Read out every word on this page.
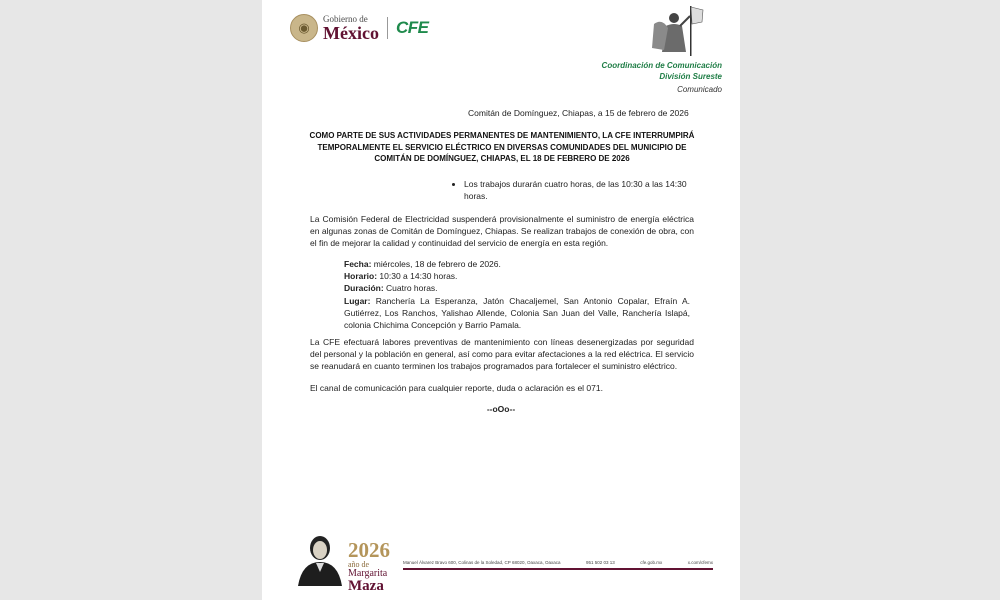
◉
Gobierno de
México CFE
Coordinación de Comunicación
División Sureste
Comunicado
Comitán de Domínguez, Chiapas, a 15 de febrero de 2026
COMO PARTE DE SUS ACTIVIDADES PERMANENTES DE MANTENIMIENTO, LA CFE INTERRUMPIRÁ TEMPORALMENTE EL SERVICIO ELÉCTRICO EN DIVERSAS COMUNIDADES DEL MUNICIPIO DE COMITÁN DE DOMÍNGUEZ, CHIAPAS, EL 18 DE FEBRERO DE 2026
• Los trabajos durarán cuatro horas, de las 10:30 a las 14:30 horas.
La Comisión Federal de Electricidad suspenderá provisionalmente el suministro de energía eléctrica en algunas zonas de Comitán de Domínguez, Chiapas. Se realizan trabajos de conexión de obra, con el fin de mejorar la calidad y continuidad del servicio de energía en esta región.
Fecha: miércoles, 18 de febrero de 2026.
Horario: 10:30 a 14:30 horas.
Duración: Cuatro horas.
Lugar: Ranchería La Esperanza, Jatón Chacaljemel, San Antonio Copalar, Efraín A. Gutiérrez, Los Ranchos, Yalishao Allende, Colonia San Juan del Valle, Ranchería Islapá, colonia Chichima Concepción y Barrio Pamala.
La CFE efectuará labores preventivas de mantenimiento con líneas desenergizadas por seguridad del personal y la población en general, así como para evitar afectaciones a la red eléctrica. El servicio se reanudará en cuanto terminen los trabajos programados para fortalecer el suministro eléctrico.
El canal de comunicación para cualquier reporte, duda o aclaración es el 071.
--oOo--
2026
año de
Margarita
Maza
Manuel Álvarez Bravo 600, Colinas de la Soledad, CP 68020, Oaxaca, Oaxaca	951 502 03 13	cfe.gob.mx	x.com/cfemx
